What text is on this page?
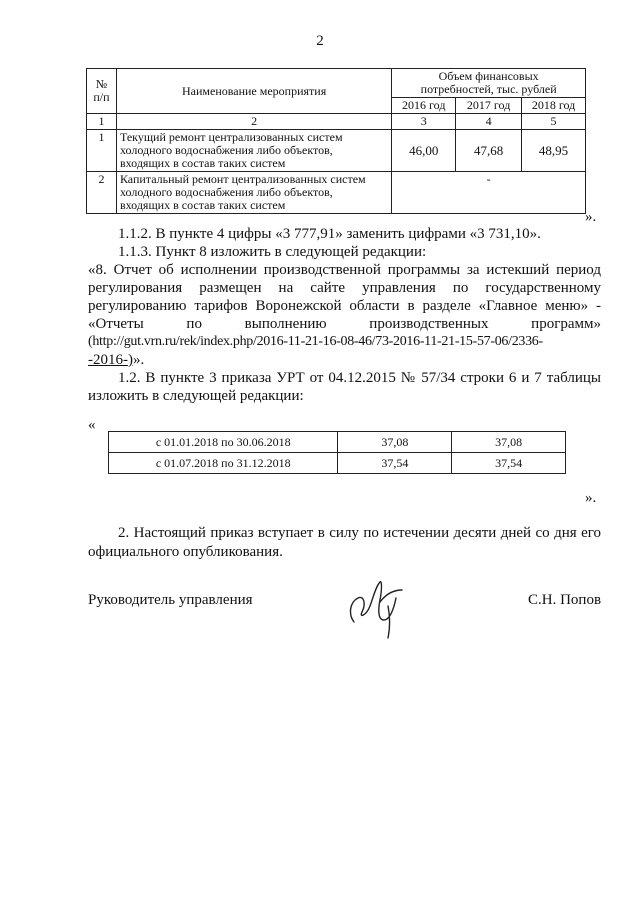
2
№ п/п	Наименование мероприятия	Объем финансовых
потребностей, тыс. рублей		

		2016 год	2017 год	2018 год
1	2	3	4	5
1	Текущий ремонт централизованных систем
холодного водоснабжения либо объектов,
входящих в состав таких систем	46,00	47,68	48,95
2	Капитальный ремонт централизованных систем
холодного водоснабжения либо объектов,
входящих в состав таких систем	-		
».
1.1.2. В пункте 4 цифры «3 777,91» заменить цифрами «3 731,10».
1.1.3. Пункт 8 изложить в следующей редакции:
«8. Отчет об исполнении производственной программы за истекший период
регулирования размещен на сайте управления по государственному
регулированию тарифов Воронежской области в разделе «Главное меню» -
«Отчеты по выполнению производственных программ»
(http://gut.vrn.ru/rek/index.php/2016-11-21-16-08-46/73-2016-11-21-15-57-06/2336-
-2016-)».
1.2. В пункте 3 приказа УРТ от 04.12.2015 № 57/34 строки 6 и 7 таблицы
изложить в следующей редакции:
«
с 01.01.2018 по 30.06.2018	37,08	37,08
с 01.07.2018 по 31.12.2018	37,54	37,54
».
2. Настоящий приказ вступает в силу по истечении десяти дней со дня его
официального опубликования.
Руководитель управления	С.Н. Попов
